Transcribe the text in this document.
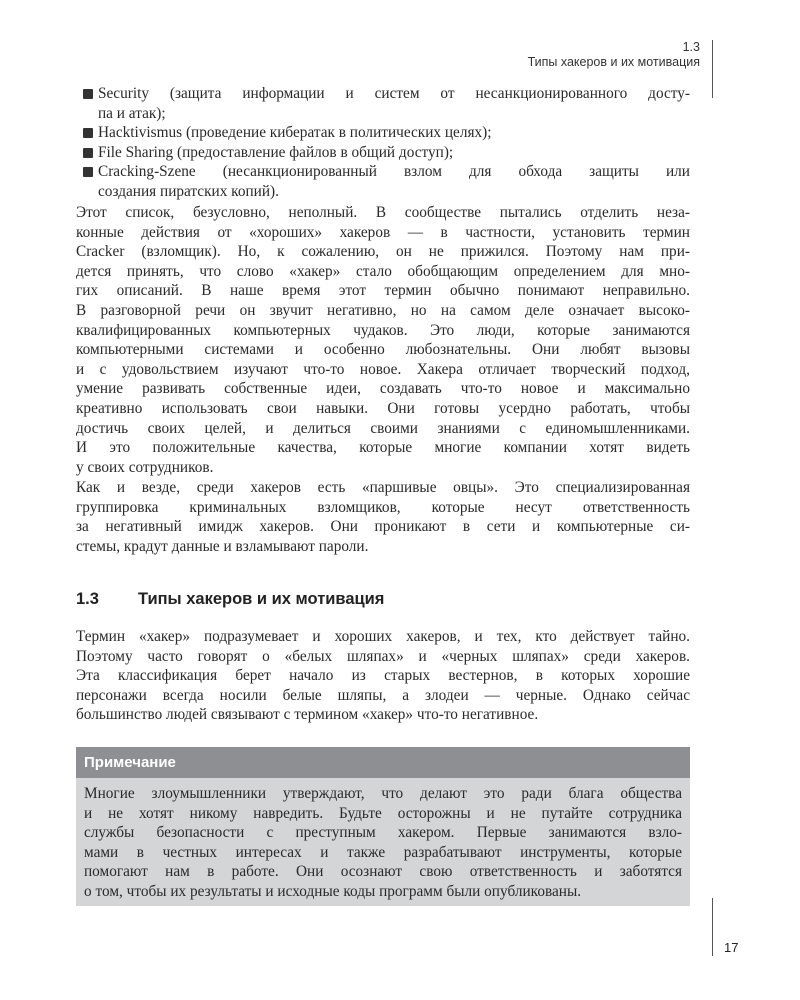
1.3
Типы хакеров и их мотивация
Security (защита информации и систем от несанкционированного досту-
па и атак);
Hacktivismus (проведение кибератак в политических целях);
File Sharing (предоставление файлов в общий доступ);
Cracking-Szene (несанкционированный взлом для обхода защиты или
создания пиратских копий).
Этот список, безусловно, неполный. В сообществе пытались отделить неза-
конные действия от «хороших» хакеров — в частности, установить термин
Cracker (взломщик). Но, к сожалению, он не прижился. Поэтому нам при-
дется принять, что слово «хакер» стало обобщающим определением для мно-
гих описаний. В наше время этот термин обычно понимают неправильно.
В разговорной речи он звучит негативно, но на самом деле означает высоко-
квалифицированных компьютерных чудаков. Это люди, которые занимаются
компьютерными системами и особенно любознательны. Они любят вызовы
и с удовольствием изучают что-то новое. Хакера отличает творческий подход,
умение развивать собственные идеи, создавать что-то новое и максимально
креативно использовать свои навыки. Они готовы усердно работать, чтобы
достичь своих целей, и делиться своими знаниями с единомышленниками.
И это положительные качества, которые многие компании хотят видеть
у своих сотрудников.
Как и везде, среди хакеров есть «паршивые овцы». Это специализированная
группировка криминальных взломщиков, которые несут ответственность
за негативный имидж хакеров. Они проникают в сети и компьютерные си-
стемы, крадут данные и взламывают пароли.
1.3 Типы хакеров и их мотивация
Термин «хакер» подразумевает и хороших хакеров, и тех, кто действует тайно.
Поэтому часто говорят о «белых шляпах» и «черных шляпах» среди хакеров.
Эта классификация берет начало из старых вестернов, в которых хорошие
персонажи всегда носили белые шляпы, а злодеи — черные. Однако сейчас
большинство людей связывают с термином «хакер» что-то негативное.
Примечание
Многие злоумышленники утверждают, что делают это ради блага общества
и не хотят никому навредить. Будьте осторожны и не путайте сотрудника
службы безопасности с преступным хакером. Первые занимаются взло-
мами в честных интересах и также разрабатывают инструменты, которые
помогают нам в работе. Они осознают свою ответственность и заботятся
о том, чтобы их результаты и исходные коды программ были опубликованы.
17
